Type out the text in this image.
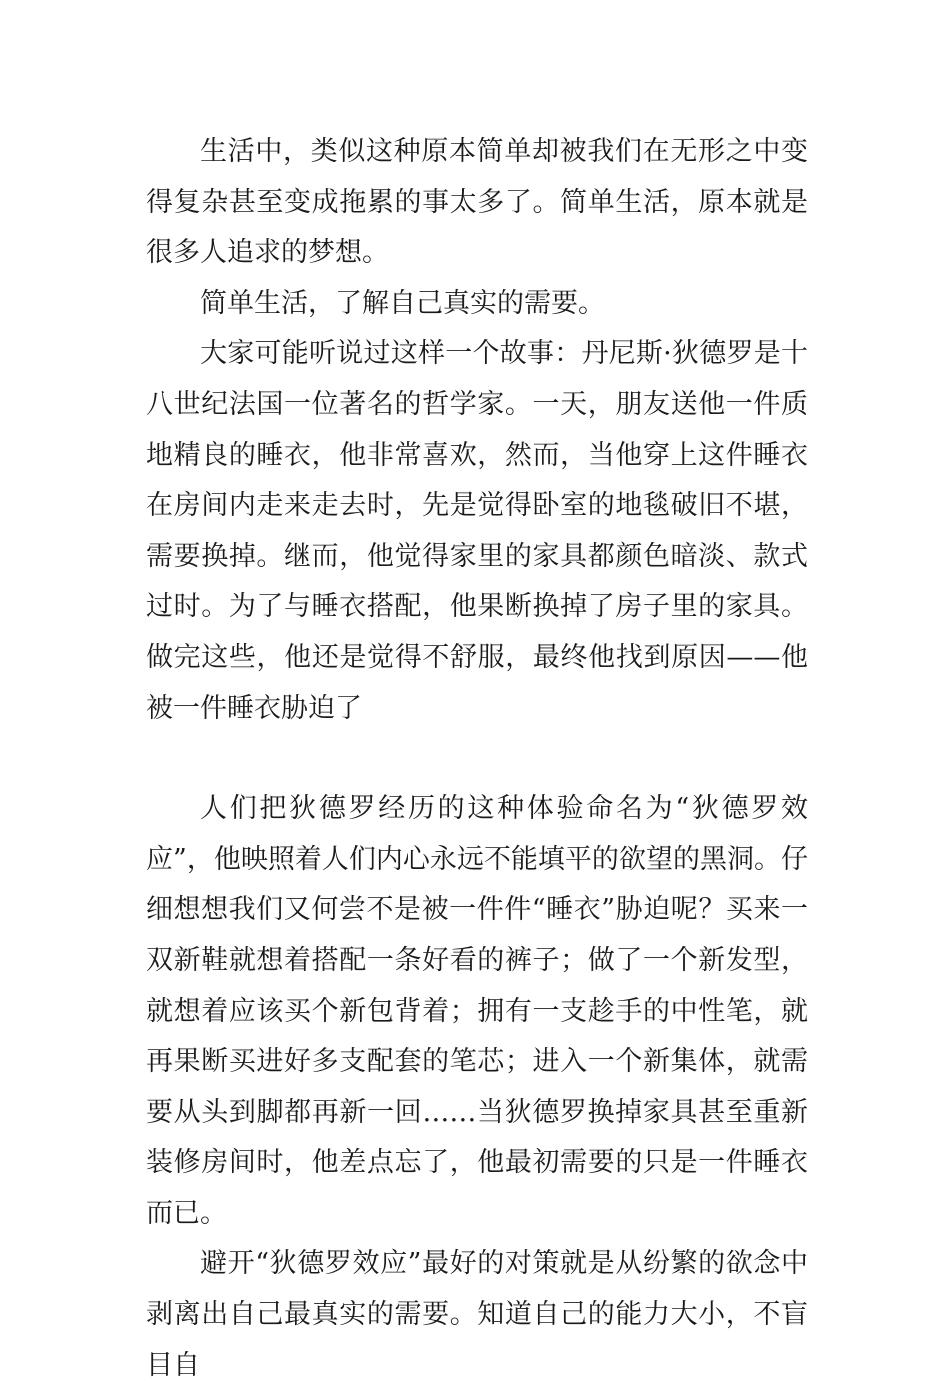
生活中，类似这种原本简单却被我们在无形之中变得复杂甚至变成拖累的事太多了。简单生活，原本就是很多人追求的梦想。

简单生活，了解自己真实的需要。

大家可能听说过这样一个故事：丹尼斯·狄德罗是十八世纪法国一位著名的哲学家。一天，朋友送他一件质地精良的睡衣，他非常喜欢，然而，当他穿上这件睡衣在房间内走来走去时，先是觉得卧室的地毯破旧不堪，需要换掉。继而，他觉得家里的家具都颜色暗淡、款式过时。为了与睡衣搭配，他果断换掉了房子里的家具。做完这些，他还是觉得不舒服，最终他找到原因——他被一件睡衣胁迫了

人们把狄德罗经历的这种体验命名为“狄德罗效应”，他映照着人们内心永远不能填平的欲望的黑洞。仔细想想我们又何尝不是被一件件“睡衣”胁迫呢？买来一双新鞋就想着搭配一条好看的裤子；做了一个新发型，就想着应该买个新包背着；拥有一支趁手的中性笔，就再果断买进好多支配套的笔芯；进入一个新集体，就需要从头到脚都再新一回……当狄德罗换掉家具甚至重新装修房间时，他差点忘了，他最初需要的只是一件睡衣而已。

避开“狄德罗效应”最好的对策就是从纷繁的欲念中剥离出自己最真实的需要。知道自己的能力大小，不盲目自
